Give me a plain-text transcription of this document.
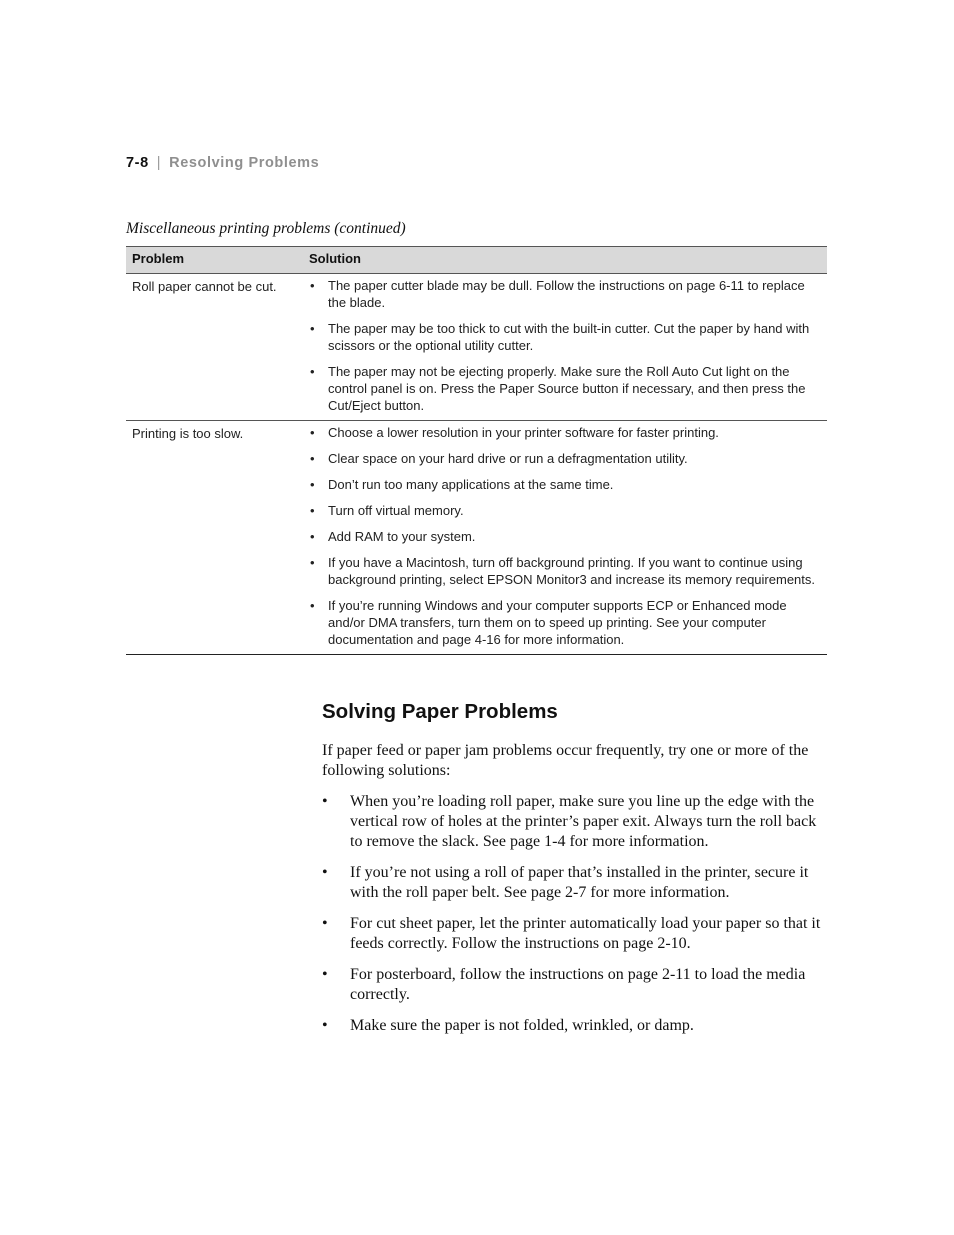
7-8 | Resolving Problems
Miscellaneous printing problems (continued)
Problem	Solution
Roll paper cannot be cut.	• The paper cutter blade may be dull. Follow the instructions on page 6-11 to replace the blade.
• The paper may be too thick to cut with the built-in cutter. Cut the paper by hand with scissors or the optional utility cutter.
• The paper may not be ejecting properly. Make sure the Roll Auto Cut light on the control panel is on. Press the Paper Source button if necessary, and then press the Cut/Eject button.
Printing is too slow.	• Choose a lower resolution in your printer software for faster printing.
• Clear space on your hard drive or run a defragmentation utility.
• Don’t run too many applications at the same time.
• Turn off virtual memory.
• Add RAM to your system.
• If you have a Macintosh, turn off background printing. If you want to continue using background printing, select EPSON Monitor3 and increase its memory requirements.
• If you’re running Windows and your computer supports ECP or Enhanced mode and/or DMA transfers, turn them on to speed up printing. See your computer documentation and page 4-16 for more information.
Solving Paper Problems

If paper feed or paper jam problems occur frequently, try one or more of the following solutions:

• When you’re loading roll paper, make sure you line up the edge with the vertical row of holes at the printer’s paper exit. Always turn the roll back to remove the slack. See page 1-4 for more information.
• If you’re not using a roll of paper that’s installed in the printer, secure it with the roll paper belt. See page 2-7 for more information.
• For cut sheet paper, let the printer automatically load your paper so that it feeds correctly. Follow the instructions on page 2-10.
• For posterboard, follow the instructions on page 2-11 to load the media correctly.
• Make sure the paper is not folded, wrinkled, or damp.
